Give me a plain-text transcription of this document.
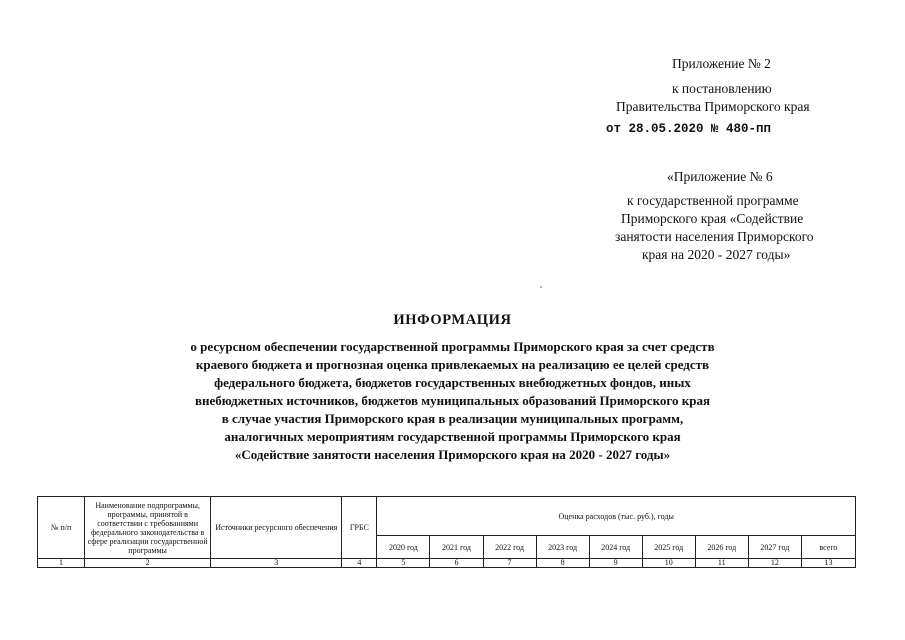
Приложение № 2
к постановлению
Правительства Приморского края
от 28.05.2020 № 480-пп
«Приложение № 6
к государственной программе
Приморского края «Содействие
занятости населения Приморского
края на 2020 - 2027 годы»
ИНФОРМАЦИЯ
о ресурсном обеспечении государственной программы Приморского края за счет средств
краевого бюджета и прогнозная оценка привлекаемых на реализацию ее целей средств
федерального бюджета, бюджетов государственных внебюджетных фондов, иных
внебюджетных источников, бюджетов муниципальных образований Приморского края
в случае участия Приморского края в реализации муниципальных программ,
аналогичных мероприятиям государственной программы Приморского края
«Содействие занятости населения Приморского края на 2020 - 2027 годы»
№ п/п	Наименование подпрограммы, программы, принятой в соответствии с требованиями федерального законодательства в сфере реализации государственной программы	Источники ресурсного обеспечения	ГРБС	Оценка расходов (тыс. руб.), годы								
				2020 год	2021 год	2022 год	2023 год	2024 год	2025 год	2026 год	2027 год	всего
1	2	3	4	5	6	7	8	9	10	11	12	13
